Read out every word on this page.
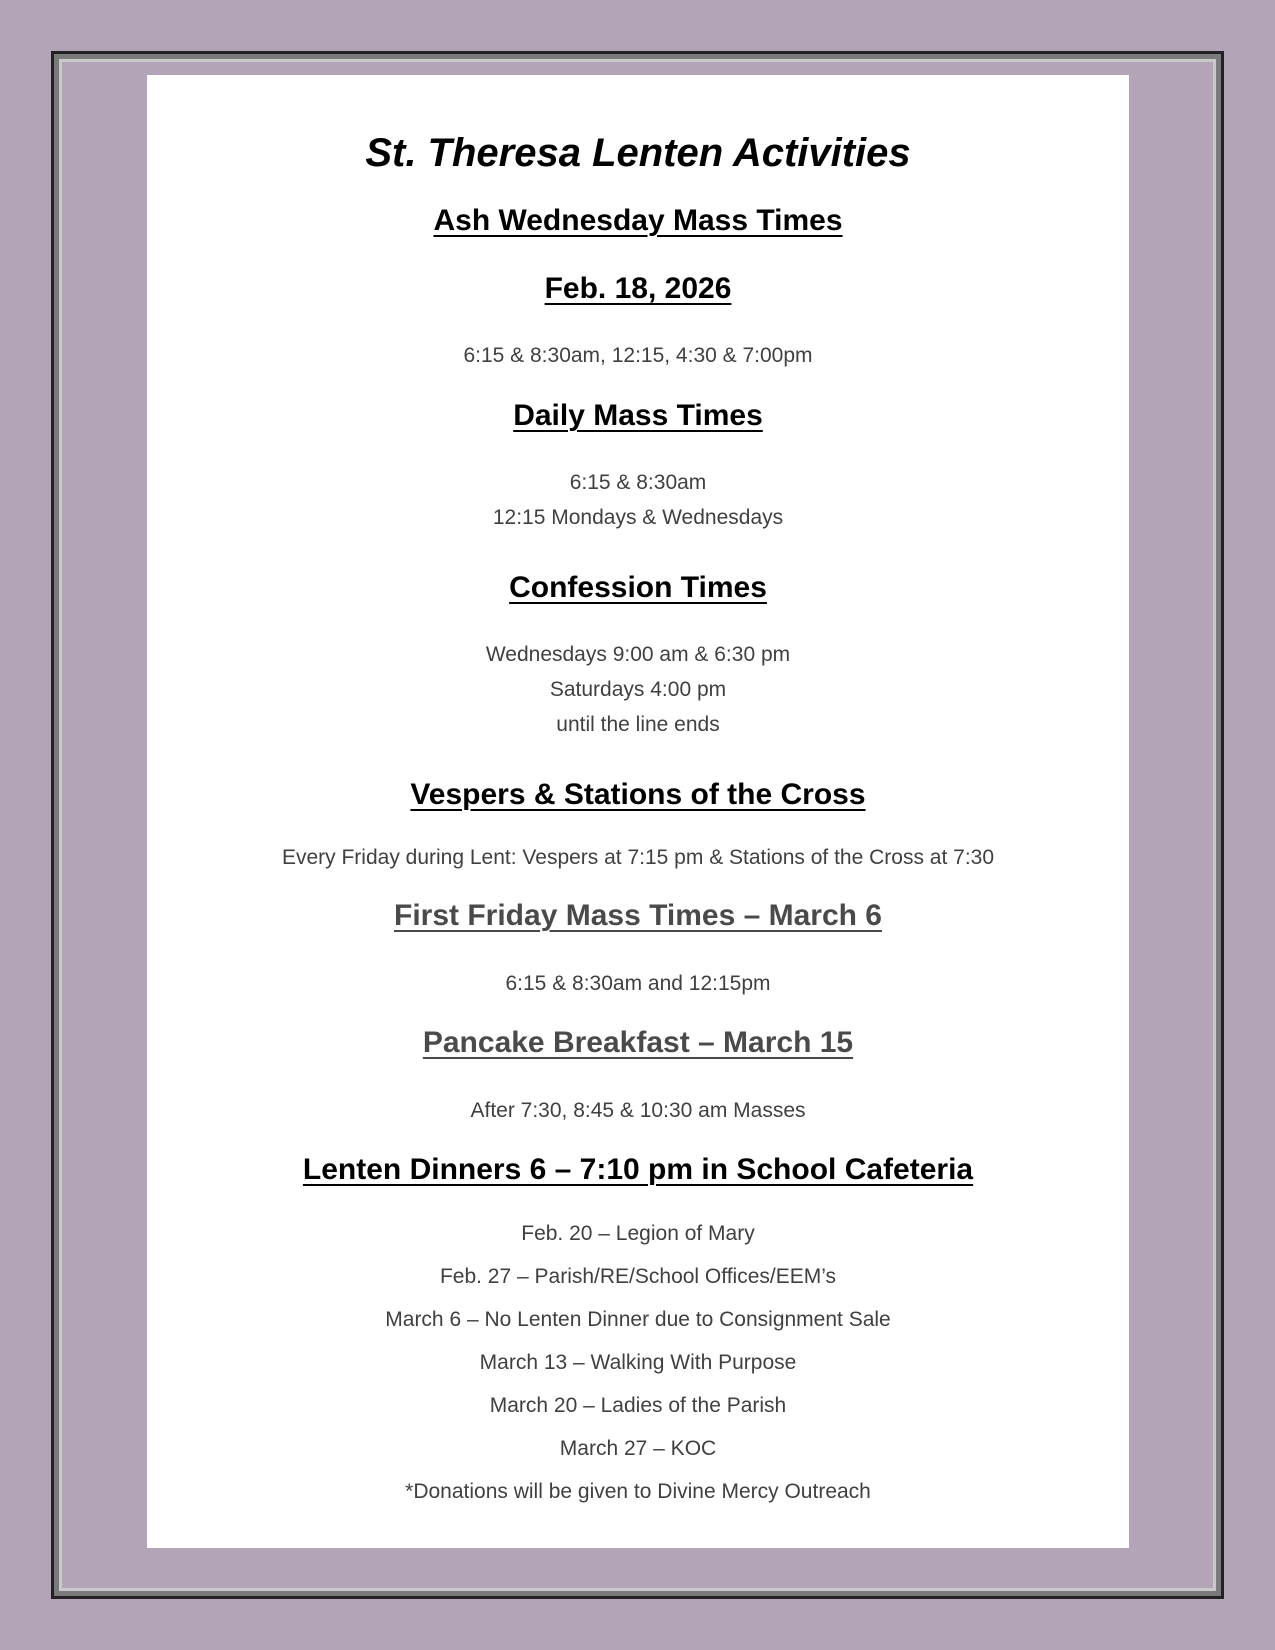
St. Theresa Lenten Activities
Ash Wednesday Mass Times
Feb. 18, 2026
6:15 & 8:30am, 12:15, 4:30 & 7:00pm
Daily Mass Times
6:15 & 8:30am
12:15 Mondays & Wednesdays
Confession Times
Wednesdays 9:00 am & 6:30 pm
Saturdays 4:00 pm
until the line ends
Vespers & Stations of the Cross
Every Friday during Lent: Vespers at 7:15 pm & Stations of the Cross at 7:30
First Friday Mass Times – March 6
6:15 & 8:30am and 12:15pm
Pancake Breakfast – March 15
After 7:30, 8:45 & 10:30 am Masses
Lenten Dinners 6 – 7:10 pm in School Cafeteria
Feb. 20 – Legion of Mary
Feb. 27 – Parish/RE/School Offices/EEM’s
March 6 – No Lenten Dinner due to Consignment Sale
March 13 – Walking With Purpose
March 20 – Ladies of the Parish
March 27 – KOC
*Donations will be given to Divine Mercy Outreach
